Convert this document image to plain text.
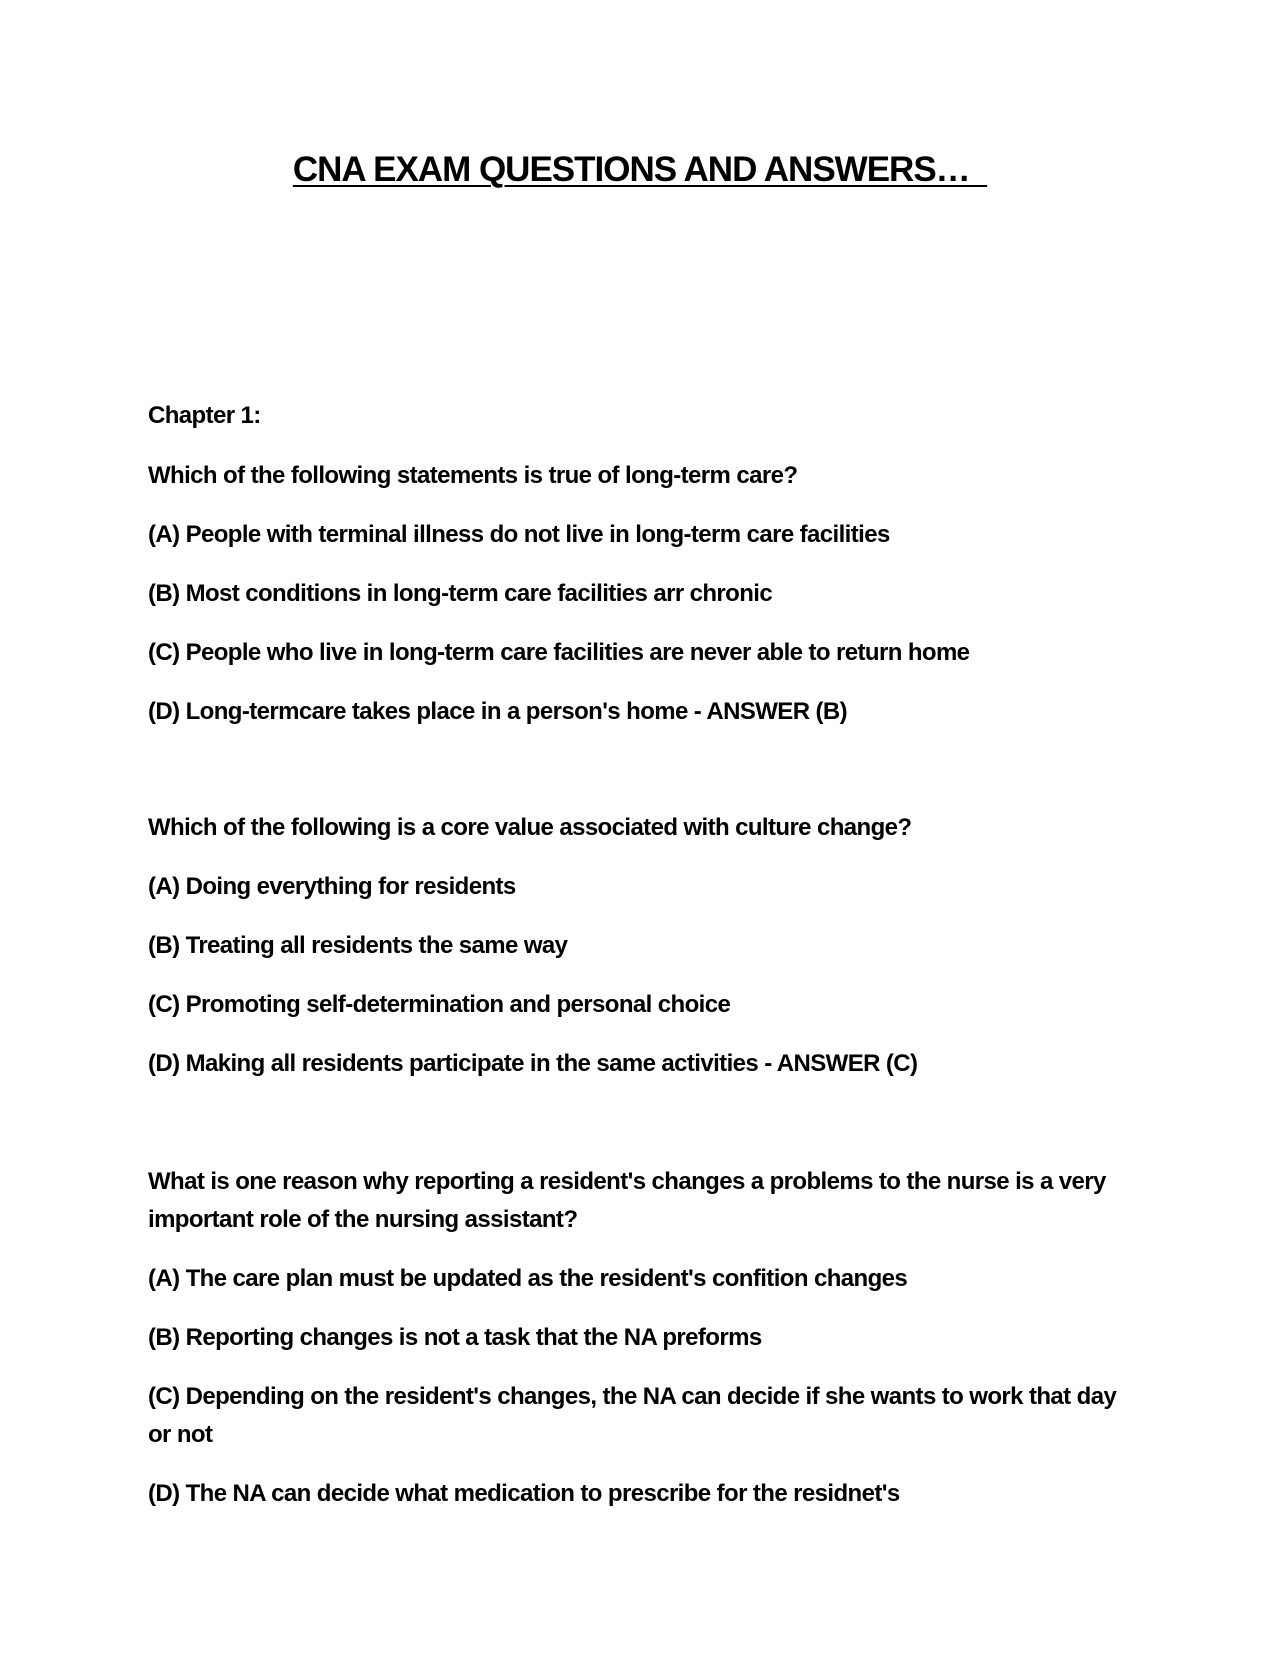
CNA EXAM QUESTIONS AND ANSWERS…

Chapter 1:

Which of the following statements is true of long-term care?

(A) People with terminal illness do not live in long-term care facilities

(B) Most conditions in long-term care facilities arr chronic

(C) People who live in long-term care facilities are never able to return home

(D) Long-termcare takes place in a person's home - ANSWER (B)

Which of the following is a core value associated with culture change?

(A) Doing everything for residents

(B) Treating all residents the same way

(C) Promoting self-determination and personal choice

(D) Making all residents participate in the same activities - ANSWER (C)

What is one reason why reporting a resident's changes a problems to the nurse is a very important role of the nursing assistant?

(A) The care plan must be updated as the resident's confition changes

(B) Reporting changes is not a task that the NA preforms

(C) Depending on the resident's changes, the NA can decide if she wants to work that day or not

(D) The NA can decide what medication to prescribe for the residnet's
